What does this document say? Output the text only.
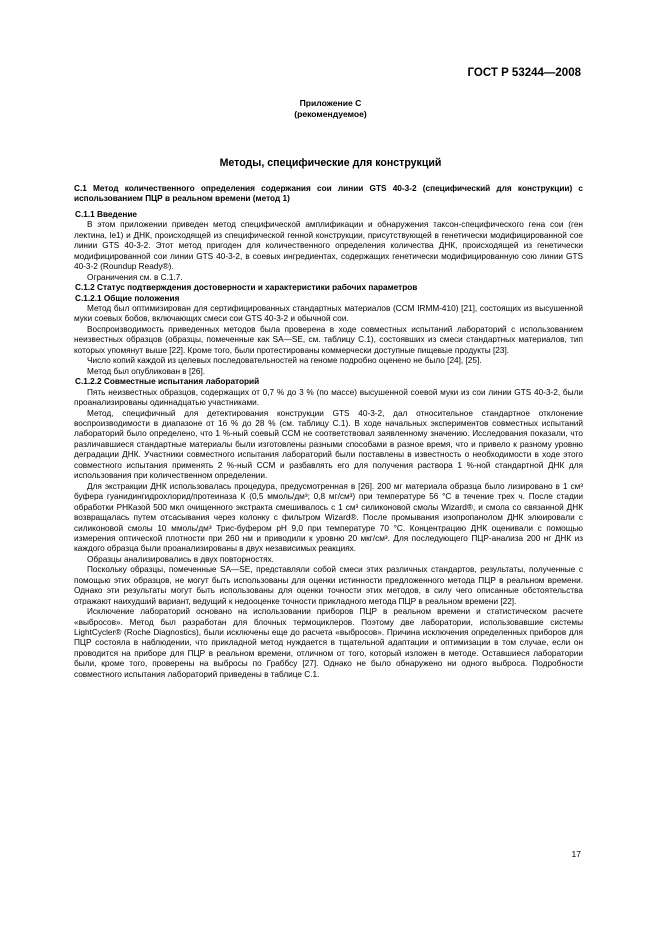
ГОСТ Р 53244—2008
Приложение С
(рекомендуемое)
Методы, специфические для конструкций

С.1 Метод количественного определения содержания сои линии GTS 40-3-2 (специфический для конструкции) с использованием ПЦР в реальном времени (метод 1)

С.1.1 Введение

В этом приложении приведен метод специфической амплификации и обнаружения таксон-специфического гена сои (ген лектина, le1) и ДНК, происходящей из специфической генной конструкции, присутствующей в генетически модифицированной сое линии GTS 40-3-2. Этот метод пригоден для количественного определения количества ДНК, происходящей из генетически модифицированной сои линии GTS 40-3-2, в соевых ингредиентах, содержащих генетически модифицированную сою линии GTS 40-3-2 (Roundup Ready®).

Ограничения см. в С.1.7.

С.1.2 Статус подтверждения достоверности и характеристики рабочих параметров

С.1.2.1 Общие положения

Метод был оптимизирован для сертифицированных стандартных материалов (ССМ IRMM-410) [21], состоящих из высушенной муки соевых бобов, включающих смеси сои GTS 40-3-2 и обычной сои.

Воспроизводимость приведенных методов была проверена в ходе совместных испытаний лабораторий с использованием неизвестных образцов (образцы, помеченные как SA—SE, см. таблицу С.1), состоявших из смеси стандартных материалов, тип которых упомянут выше [22]. Кроме того, были протестированы коммерчески доступные пищевые продукты [23].

Число копий каждой из целевых последовательностей на геноме подробно оценено не было [24], [25].

Метод был опубликован в [26].

С.1.2.2 Совместные испытания лабораторий

Пять неизвестных образцов, содержащих от 0,7 % до 3 % (по массе) высушенной соевой муки из сои линии GTS 40-3-2, были проанализированы одиннадцатью участниками.

Метод, специфичный для детектирования конструкции GTS 40-3-2, дал относительное стандартное отклонение воспроизводимости в диапазоне от 16 % до 28 % (см. таблицу С.1). В ходе начальных экспериментов совместных испытаний лабораторий было определено, что 1 %-ный соевый ССМ не соответствовал заявленному значению. Исследования показали, что различавшиеся стандартные материалы были изготовлены разными способами в разное время, что и привело к разному уровню деградации ДНК. Участники совместного испытания лабораторий были поставлены в известность о необходимости в ходе этого совместного испытания применять 2 %-ный ССМ и разбавлять его для получения раствора 1 %-ной стандартной ДНК для использования при количественном определении.

Для экстракции ДНК использовалась процедура, предусмотренная в [26]. 200 мг материала образца было лизировано в 1 см³ буфера гуанидингидрохлорид/протеиназа К (0,5 ммоль/дм³; 0,8 мг/см³) при температуре 56 °С в течение трех ч. После стадии обработки РНКазой 500 мкл очищенного экстракта смешивалось с 1 см³ силиконовой смолы Wizard®, и смола со связанной ДНК возвращалась путем отсасывания через колонку с фильтром Wizard®. После промывания изопропанолом ДНК элюировали с силиконовой смолы 10 ммоль/дм³ Трис-буфером рН 9,0 при температуре 70 °С. Концентрацию ДНК оценивали с помощью измерения оптической плотности при 260 нм и приводили к уровню 20 мкг/см³. Для последующего ПЦР-анализа 200 нг ДНК из каждого образца были проанализированы в двух независимых реакциях.

Образцы анализировались в двух повторностях.

Поскольку образцы, помеченные SA—SE, представляли собой смеси этих различных стандартов, результаты, полученные с помощью этих образцов, не могут быть использованы для оценки истинности предложенного метода ПЦР в реальном времени. Однако эти результаты могут быть использованы для оценки точности этих методов, в силу чего описанные обстоятельства отражают наихудший вариант, ведущий к недооценке точности прикладного метода ПЦР в реальном времени [22].

Исключение лабораторий основано на использовании приборов ПЦР в реальном времени и статистическом расчете «выбросов». Метод был разработан для блочных термоциклеров. Поэтому две лаборатории, использовавшие системы LightCycler® (Roche Diagnostics), были исключены еще до расчета «выбросов». Причина исключения определенных приборов для ПЦР состояла в наблюдении, что прикладной метод нуждается в тщательной адаптации и оптимизации в том случае, если он проводится на приборе для ПЦР в реальном времени, отличном от того, который изложен в методе. Оставшиеся лаборатории были, кроме того, проверены на выбросы по Граббсу [27]. Однако не было обнаружено ни одного выброса. Подробности совместного испытания лабораторий приведены в таблице С.1.

17
